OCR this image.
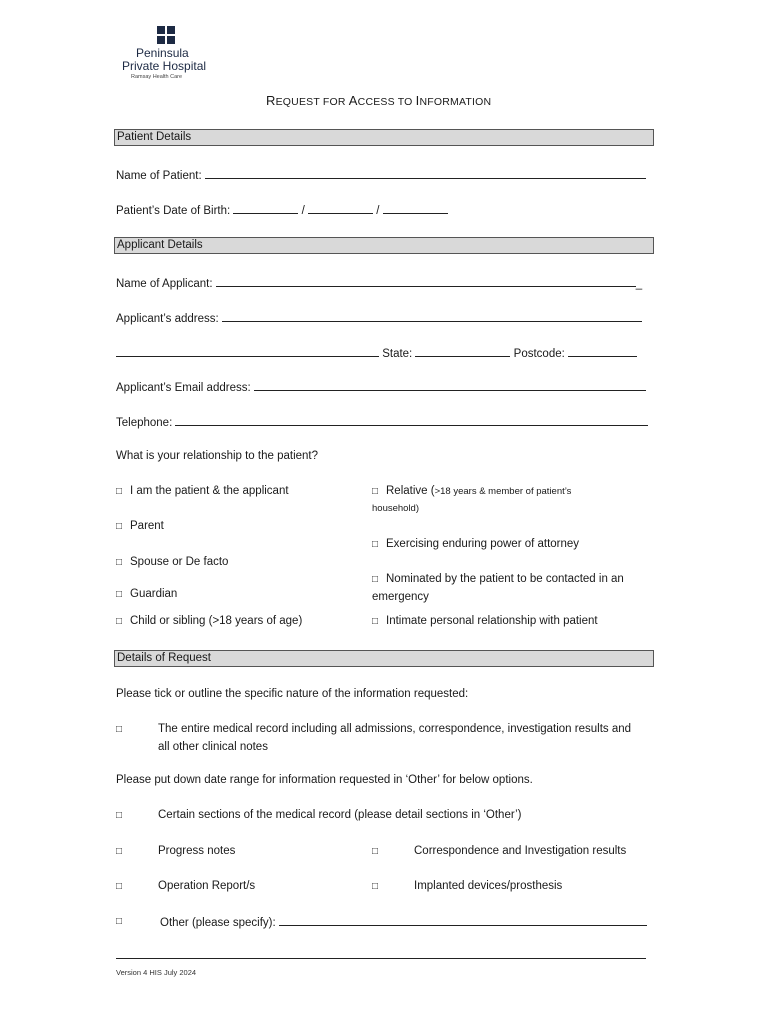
Peninsula
Private Hospital
Ramsay Health Care
REQUEST FOR ACCESS TO INFORMATION
Patient Details
Name of Patient:
Patient’s Date of Birth:	/	/
Applicant Details
Name of Applicant:	_
Applicant’s address:
State:	Postcode:
Applicant’s Email address:
Telephone:
What is your relationship to the patient?
□ I am the patient & the applicant	□ Relative (>18 years & member of patient’s
household)
□ Parent
□ Exercising enduring power of attorney
□ Spouse or De facto
□ Nominated by the patient to be contacted in an
emergency
□ Guardian
□ Child or sibling (>18 years of age)	□ Intimate personal relationship with patient
Details of Request
Please tick or outline the specific nature of the information requested:
□	The entire medical record including all admissions, correspondence, investigation results and
all other clinical notes
Please put down date range for information requested in ‘Other’ for below options.
□	Certain sections of the medical record (please detail sections in ‘Other’)
□	Progress notes	□	Correspondence and Investigation results
□	Operation Report/s	□	Implanted devices/prosthesis
□	Other (please specify):
Version 4 HIS July 2024
